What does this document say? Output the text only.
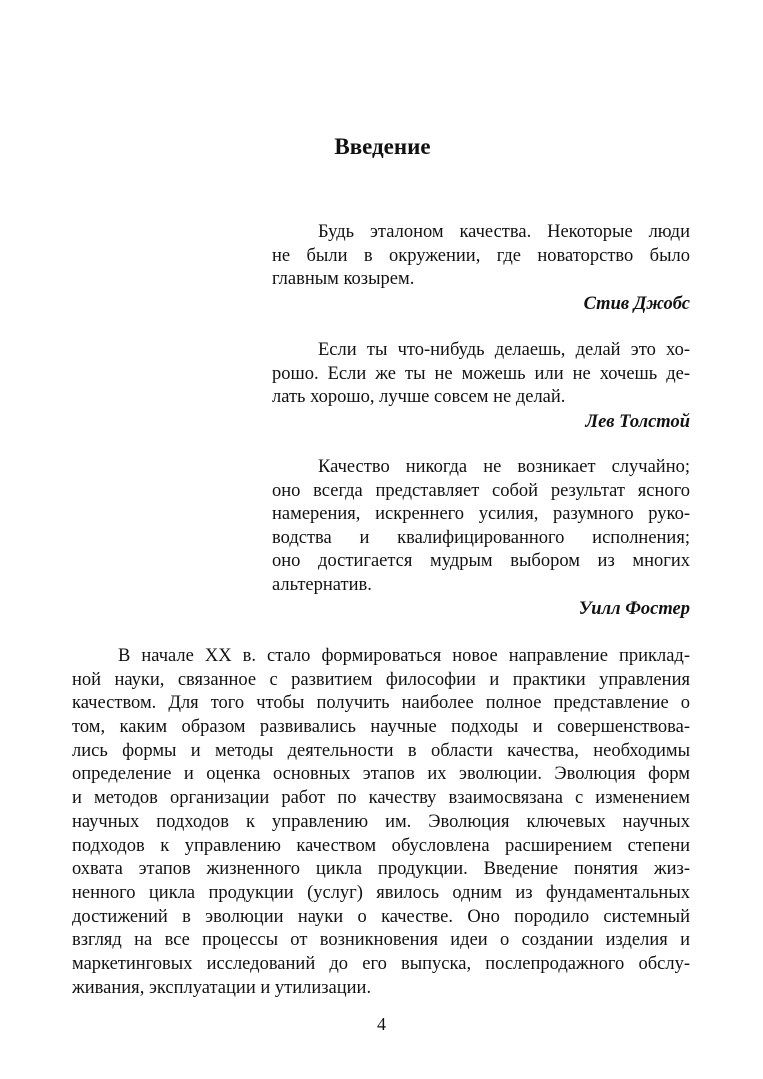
Введение
Будь эталоном качества. Некоторые люди
не были в окружении, где новаторство было
главным козырем.
Стив Джобс
Если ты что-нибудь делаешь, делай это хо-
рошо. Если же ты не можешь или не хочешь де-
лать хорошо, лучше совсем не делай.
Лев Толстой
Качество никогда не возникает случайно;
оно всегда представляет собой результат ясного
намерения, искреннего усилия, разумного руко-
водства и квалифицированного исполнения;
оно достигается мудрым выбором из многих
альтернатив.
Уилл Фостер
В начале XX в. стало формироваться новое направление приклад-
ной науки, связанное с развитием философии и практики управления
качеством. Для того чтобы получить наиболее полное представление о
том, каким образом развивались научные подходы и совершенствова-
лись формы и методы деятельности в области качества, необходимы
определение и оценка основных этапов их эволюции. Эволюция форм
и методов организации работ по качеству взаимосвязана с изменением
научных подходов к управлению им. Эволюция ключевых научных
подходов к управлению качеством обусловлена расширением степени
охвата этапов жизненного цикла продукции. Введение понятия жиз-
ненного цикла продукции (услуг) явилось одним из фундаментальных
достижений в эволюции науки о качестве. Оно породило системный
взгляд на все процессы от возникновения идеи о создании изделия и
маркетинговых исследований до его выпуска, послепродажного обслу-
живания, эксплуатации и утилизации.
4
